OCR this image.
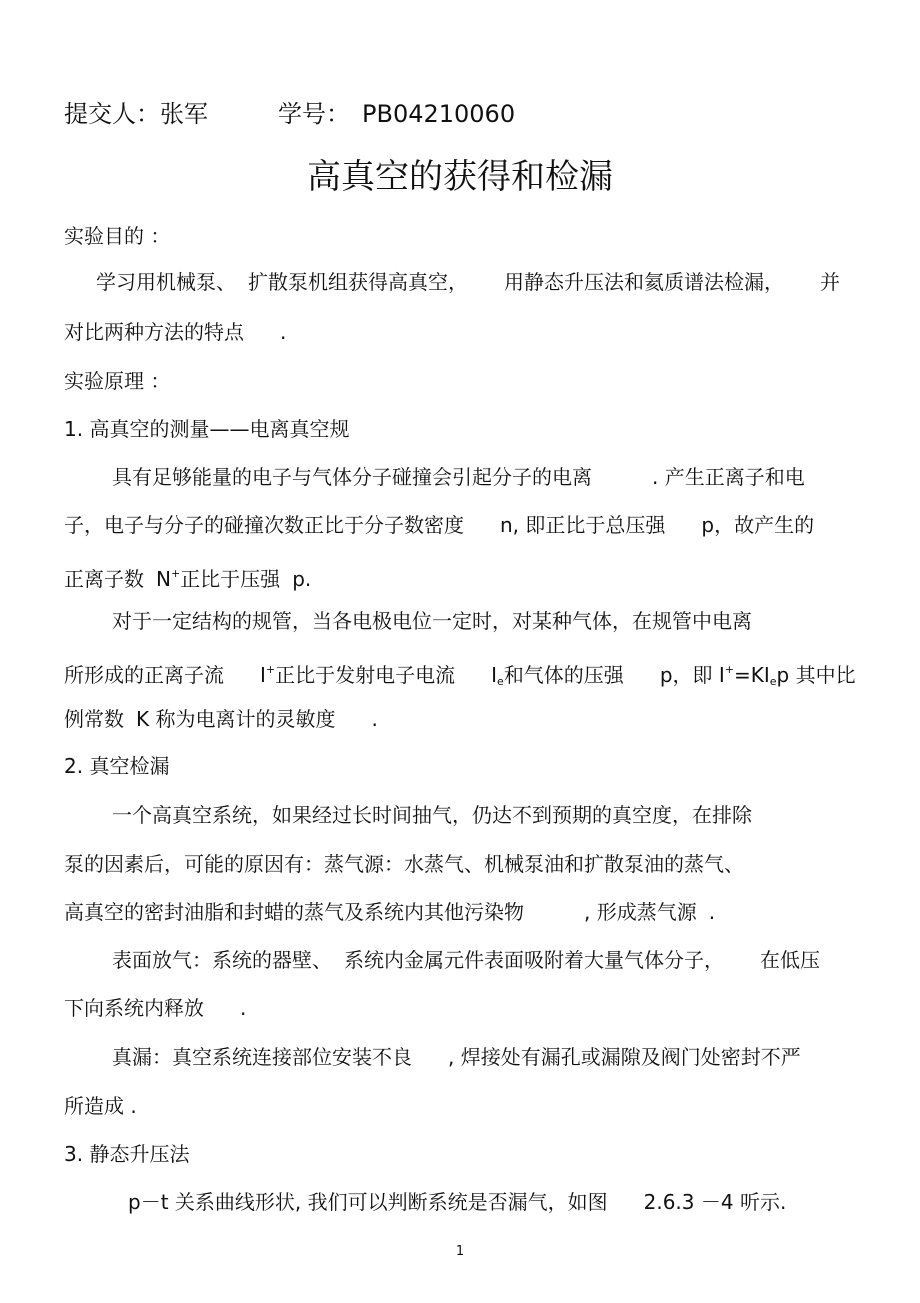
提交人：张军	学号： PB04210060
高真空的获得和检漏
实验目的 ：
学习用机械泵、 扩散泵机组获得高真空， 用静态升压法和氦质谱法检漏， 并
对比两种方法的特点 .
实验原理 ：
1. 高真空的测量——电离真空规
具有足够能量的电子与气体分子碰撞会引起分子的电离	. 产生正离子和电
子，电子与分子的碰撞次数正比于分子数密度 n, 即正比于总压强 p，故产生的
正离子数 N+正比于压强 p.
对于一定结构的规管，当各电极电位一定时，对某种气体，在规管中电离
所形成的正离子流 I+正比于发射电子电流 $I_e$和气体的压强 p，即 $I^+=KI_ep$ 其中比
例常数 K 称为电离计的灵敏度 .
2. 真空检漏
一个高真空系统，如果经过长时间抽气，仍达不到预期的真空度，在排除
泵的因素后，可能的原因有：蒸气源：水蒸气、机械泵油和扩散泵油的蒸气、
高真空的密封油脂和封蜡的蒸气及系统内其他污染物	, 形成蒸气源 .
表面放气：系统的器壁、 系统内金属元件表面吸附着大量气体分子， 在低压
下向系统内释放 .
真漏：真空系统连接部位安装不良 , 焊接处有漏孔或漏隙及阀门处密封不严
所造成 .
3. 静态升压法
p－t 关系曲线形状, 我们可以判断系统是否漏气，如图 2.6.3 －4 听示.
1
